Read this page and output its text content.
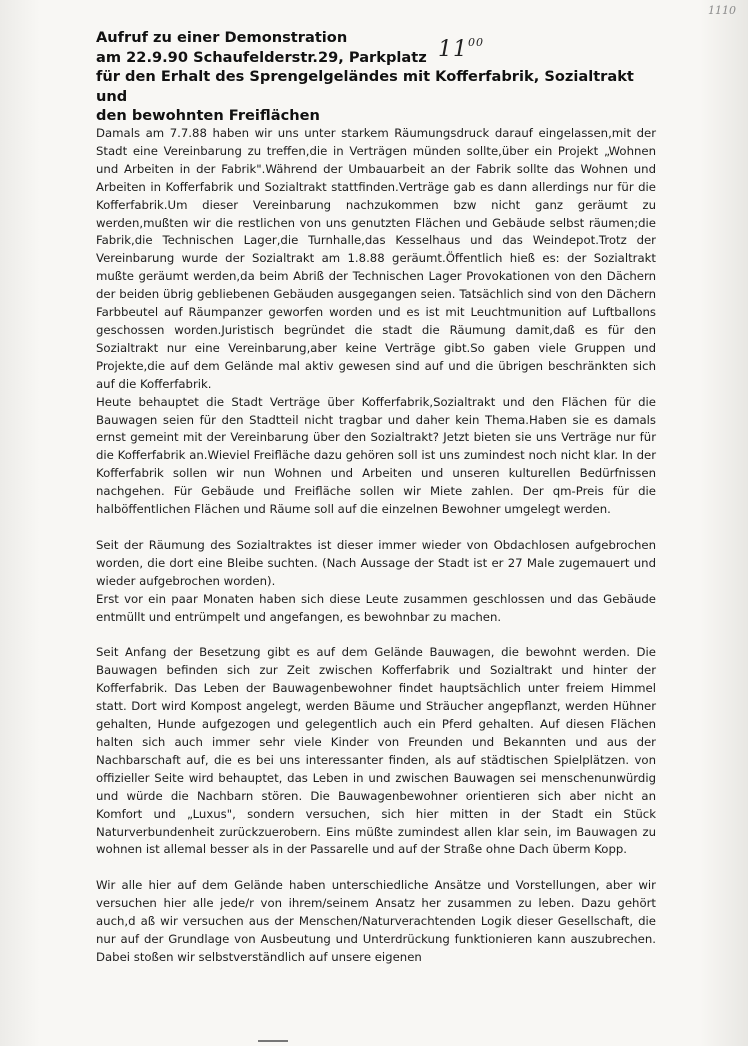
1110
Aufruf zu einer Demonstration
am 22.9.90 Schaufelderstr.29, Parkplatz
für den Erhalt des Sprengelgeländes mit Kofferfabrik, Sozialtrakt und
den bewohnten Freiflächen
$11^{00}$

Damals am 7.7.88 haben wir uns unter starkem Räumungsdruck darauf eingelassen,mit der Stadt eine Vereinbarung zu treffen,die in Verträgen münden sollte,über ein Projekt „Wohnen und Arbeiten in der Fabrik".Während der Umbauarbeit an der Fabrik sollte das Wohnen und Arbeiten in Kofferfabrik und Sozialtrakt stattfinden.Verträge gab es dann allerdings nur für die Kofferfabrik.Um dieser Vereinbarung nachzukommen bzw nicht ganz geräumt zu werden,mußten wir die restlichen von uns genutzten Flächen und Gebäude selbst räumen;die Fabrik,die Technischen Lager,die Turnhalle,das Kesselhaus und das Weindepot.Trotz der Vereinbarung wurde der Sozialtrakt am 1.8.88 geräumt.Öffentlich hieß es: der Sozialtrakt mußte geräumt werden,da beim Abriß der Technischen Lager Provokationen von den Dächern der beiden übrig gebliebenen Gebäuden ausgegangen seien. Tatsächlich sind von den Dächern Farbbeutel auf Räumpanzer geworfen worden und es ist mit Leuchtmunition auf Luftballons geschossen worden.Juristisch begründet die stadt die Räumung damit,daß es für den Sozialtrakt nur eine Vereinbarung,aber keine Verträge gibt.So gaben viele Gruppen und Projekte,die auf dem Gelände mal aktiv gewesen sind auf und die übrigen beschränkten sich auf die Kofferfabrik.

Heute behauptet die Stadt Verträge über Kofferfabrik,Sozialtrakt und den Flächen für die Bauwagen seien für den Stadtteil nicht tragbar und daher kein Thema.Haben sie es damals ernst gemeint mit der Vereinbarung über den Sozialtrakt? Jetzt bieten sie uns Verträge nur für die Kofferfabrik an.Wieviel Freifläche dazu gehören soll ist uns zumindest noch nicht klar. In der Kofferfabrik sollen wir nun Wohnen und Arbeiten und unseren kulturellen Bedürfnissen nachgehen. Für Gebäude und Freifläche sollen wir Miete zahlen. Der qm-Preis für die halböffentlichen Flächen und Räume soll auf die einzelnen Bewohner umgelegt werden.

Seit der Räumung des Sozialtraktes ist dieser immer wieder von Obdachlosen aufgebrochen worden, die dort eine Bleibe suchten. (Nach Aussage der Stadt ist er 27 Male zugemauert und wieder aufgebrochen worden).

Erst vor ein paar Monaten haben sich diese Leute zusammen geschlossen und das Gebäude entmüllt und entrümpelt und angefangen, es bewohnbar zu machen.

Seit Anfang der Besetzung gibt es auf dem Gelände Bauwagen, die bewohnt werden. Die Bauwagen befinden sich zur Zeit zwischen Kofferfabrik und Sozialtrakt und hinter der Kofferfabrik. Das Leben der Bauwagenbewohner findet hauptsächlich unter freiem Himmel statt. Dort wird Kompost angelegt, werden Bäume und Sträucher angepflanzt, werden Hühner gehalten, Hunde aufgezogen und gelegentlich auch ein Pferd gehalten. Auf diesen Flächen halten sich auch immer sehr viele Kinder von Freunden und Bekannten und aus der Nachbarschaft auf, die es bei uns interessanter finden, als auf städtischen Spielplätzen. von offizieller Seite wird behauptet, das Leben in und zwischen Bauwagen sei menschenunwürdig und würde die Nachbarn stören. Die Bauwagenbewohner orientieren sich aber nicht an Komfort und „Luxus", sondern versuchen, sich hier mitten in der Stadt ein Stück Naturverbundenheit zurückzuerobern. Eins müßte zumindest allen klar sein, im Bauwagen zu wohnen ist allemal besser als in der Passarelle und auf der Straße ohne Dach überm Kopp.

Wir alle hier auf dem Gelände haben unterschiedliche Ansätze und Vorstellungen, aber wir versuchen hier alle jede/r von ihrem/seinem Ansatz her zusammen zu leben. Dazu gehört auch,d aß wir versuchen aus der Menschen/Naturverachtenden Logik dieser Gesellschaft, die nur auf der Grundlage von Ausbeutung und Unterdrückung funktionieren kann auszubrechen. Dabei stoßen wir selbstverständlich auf unsere eigenen
